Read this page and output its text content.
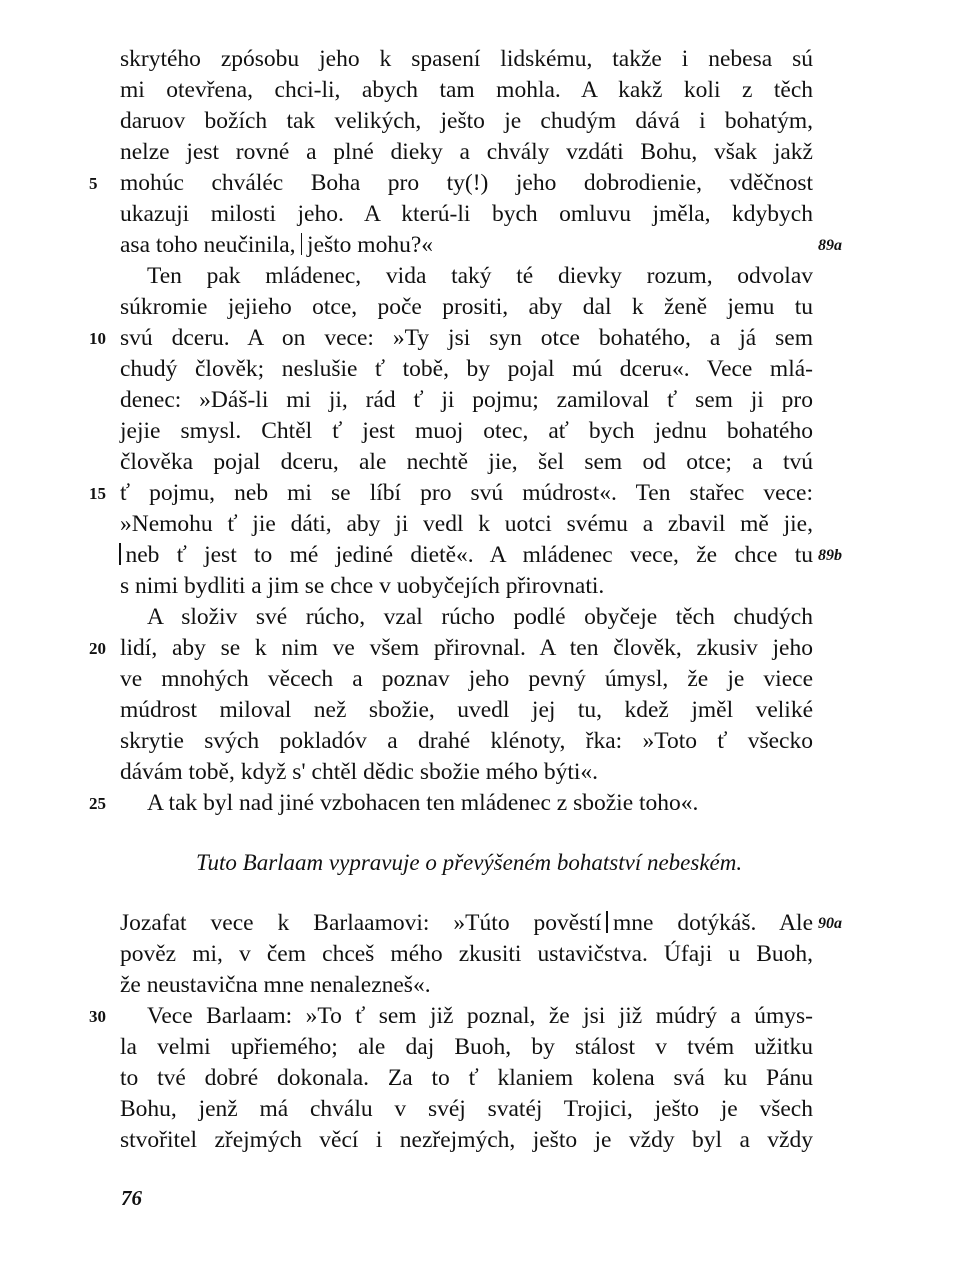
skrytého zpósobu jeho k spasení lidskému, takže i nebesa sú
mi otevřena, chci-li, abych tam mohla. A kakž koli z těch
daruov božích tak velikých, ješto je chudým dává i bohatým,
nelze jest rovné a plné dieky a chvály vzdáti Bohu, však jakž
mohúc chváléc Boha pro ty(!) jeho dobrodienie, vděčnost
5
ukazuji milosti jeho. A kterú-li bych omluvu jměla, kdybych
asa toho neučinila, ješto mohu?«	89a
Ten pak mládenec, vida taký té dievky rozum, odvolav
súkromie jejieho otce, poče prositi, aby dal k ženě jemu tu
svú dceru. A on vece: »Ty jsi syn otce bohatého, a já sem
10
chudý člověk; neslušie ť tobě, by pojal mú dceru«. Vece mlá-
denec: »Dáš-li mi ji, rád ť ji pojmu; zamiloval ť sem ji pro
jejie smysl. Chtěl ť jest muoj otec, ať bych jednu bohatého
člověka pojal dceru, ale nechtě jie, šel sem od otce; a tvú
ť pojmu, neb mi se líbí pro svú múdrost«. Ten stařec vece:
15
»Nemohu ť jie dáti, aby ji vedl k uotci svému a zbavil mě jie,
neb ť jest to mé jediné dietě«. A mládenec vece, že chce tu 89b
s nimi bydliti a jim se chce v uobyčejích přirovnati.
A složiv své rúcho, vzal rúcho podlé obyčeje těch chudých
lidí, aby se k nim ve všem přirovnal. A ten člověk, zkusiv jeho
20
ve mnohých věcech a poznav jeho pevný úmysl, že je viece
múdrost miloval než sbožie, uvedl jej tu, kdež jměl veliké
skrytie svých pokladóv a drahé klénoty, řka: »Toto ť všecko
dávám tobě, když s' chtěl dědic sbožie mého býti«.
A tak byl nad jiné vzbohacen ten mládenec z sbožie toho«.
25
Jozafat vece k Barlaamovi: »Túto pověstí mne dotýkáš. Ale 90a
pověz mi, v čem chceš mého zkusiti ustavičstva. Úfaji u Buoh,
že neustavična mne nenalezneš«.
Vece Barlaam: »To ť sem již poznal, že jsi již múdrý a úmys-
30
la velmi upřiemého; ale daj Buoh, by stálost v tvém užitku
to tvé dobré dokonala. Za to ť klaniem kolena svá ku Pánu
Bohu, jenž má chválu v svéj svatéj Trojici, ješto je všech
stvořitel zřejmých věcí i nezřejmých, ješto je vždy byl a vždy
Tuto Barlaam vypravuje o převýšeném bohatství nebeském.
76
